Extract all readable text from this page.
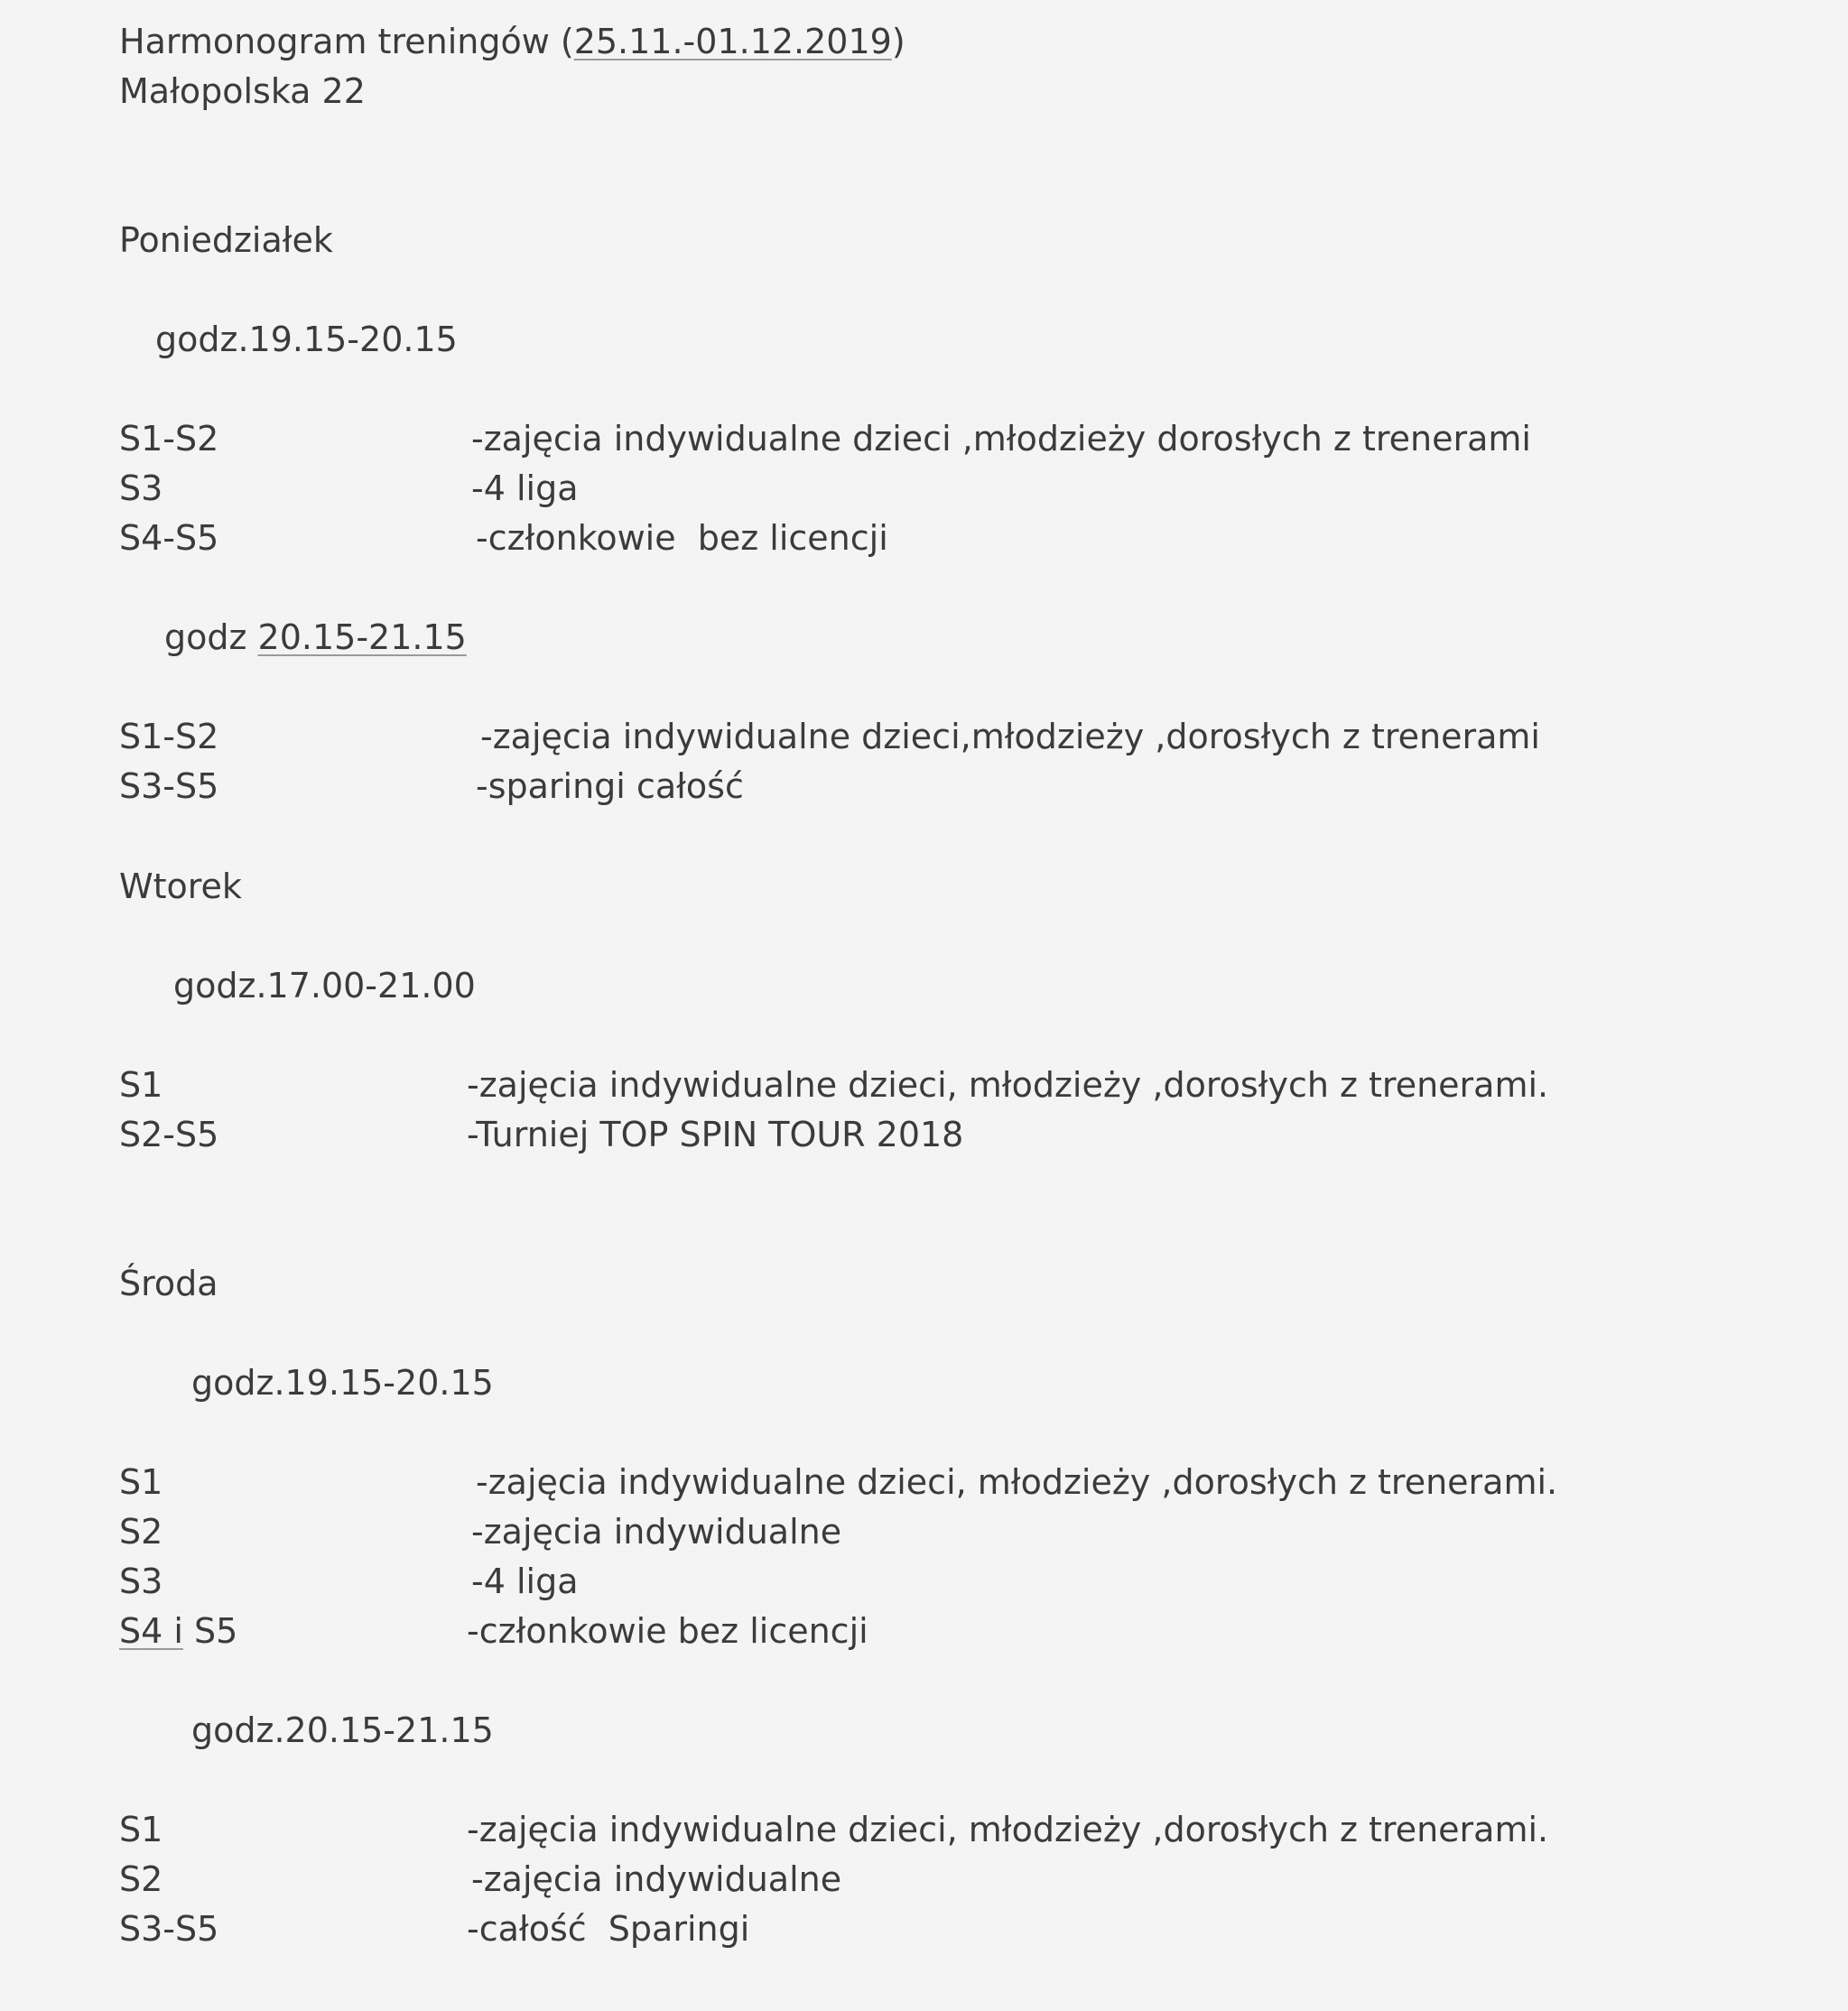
Harmonogram treningów (25.11.-01.12.2019)
Małopolska 22
Poniedziałek
godz.19.15-20.15
S1-S2	-zajęcia indywidualne dzieci ,młodzieży dorosłych z trenerami
S3	-4 liga
S4-S5	-członkowie  bez licencji
godz 20.15-21.15
S1-S2	-zajęcia indywidualne dzieci,młodzieży ,dorosłych z trenerami
S3-S5	-sparingi całość
Wtorek
godz.17.00-21.00
S1	-zajęcia indywidualne dzieci, młodzieży ,dorosłych z trenerami.
S2-S5	-Turniej TOP SPIN TOUR 2018
Środa
godz.19.15-20.15
S1	-zajęcia indywidualne dzieci, młodzieży ,dorosłych z trenerami.
S2	-zajęcia indywidualne
S3	-4 liga
S4 i S5	-członkowie bez licencji
godz.20.15-21.15
S1	-zajęcia indywidualne dzieci, młodzieży ,dorosłych z trenerami.
S2	-zajęcia indywidualne
S3-S5	-całość  Sparingi
